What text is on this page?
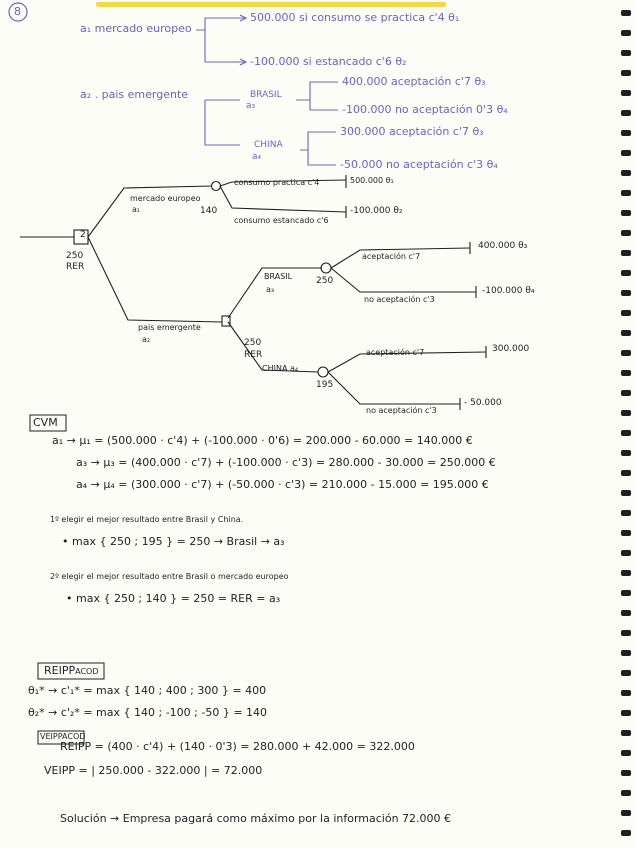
8
a₁ mercado europeo
500.000 si consumo se practica c'4 θ₁
-100.000 si estancado c'6 θ₂
a₂ . pais emergente	BRASIL
a₃
400.000 aceptación c'7 θ₃
-100.000 no aceptación 0'3 θ₄
CHINA
a₄
300.000 aceptación c'7 θ₃
-50.000 no aceptación c'3 θ₄
2
250
RER
mercado europeo
a₁	140
consumo practica c'4	500.000 θ₁
consumo estancado c'6
-100.000 θ₂
pais emergente
a₂	250
RER
BRASIL
a₃
250
aceptación c'7
400.000 θ₃
no aceptación c'3
-100.000 θ₄
CHINA a₄
195
aceptación c'7	300.000
no aceptación c'3
- 50.000
CVM
a₁ → μ₁ = (500.000 · c'4) + (-100.000 · 0'6) = 200.000 - 60.000 = 140.000 €
a₃ → μ₃ = (400.000 · c'7) + (-100.000 · c'3) = 280.000 - 30.000 = 250.000 €
a₄ → μ₄ = (300.000 · c'7) + (-50.000 · c'3) = 210.000 - 15.000 = 195.000 €
1º elegir el mejor resultado entre Brasil y China.
• max { 250 ; 195 } = 250 → Brasil → a₃
2º elegir el mejor resultado entre Brasil o mercado europeo
• max { 250 ; 140 } = 250 = RER = a₃
REIPPACOD
θ₁* → c'₁* = max { 140 ; 400 ; 300 } = 400
θ₂* → c'₂* = max { 140 ; -100 ; -50 } = 140
REIPP = (400 · c'4) + (140 · 0'3) = 280.000 + 42.000 = 322.000
VEIPPACOD
VEIPP = | 250.000 - 322.000 | = 72.000
Solución → Empresa pagará como máximo por la información 72.000 €
